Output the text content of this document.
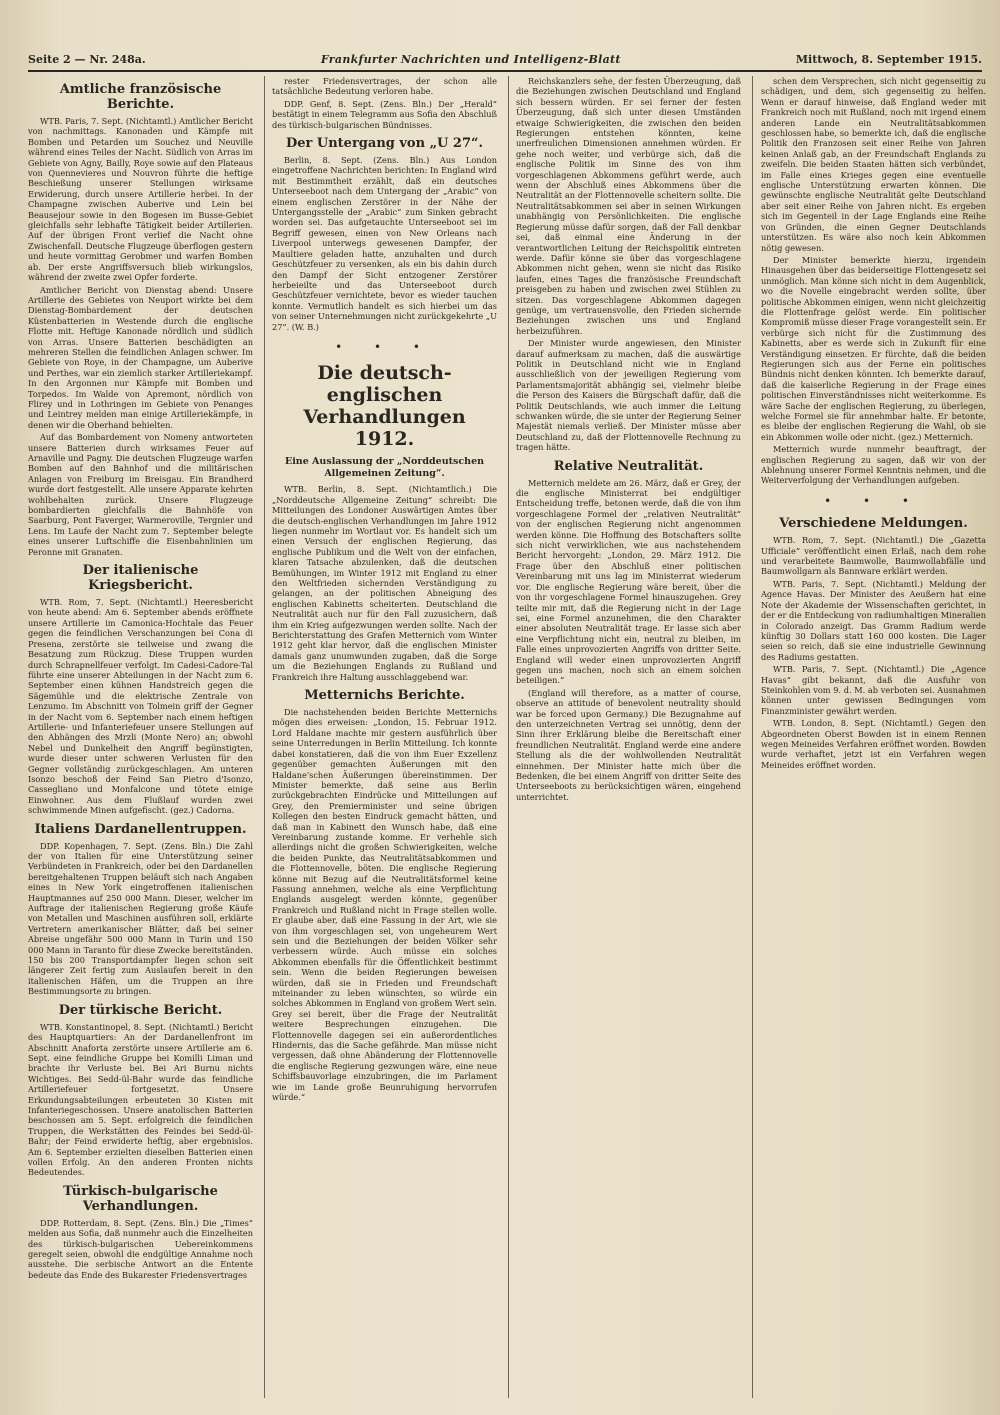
Seite 2 — Nr. 248a.	Frankfurter Nachrichten und Intelligenz-Blatt	Mittwoch, 8. September 1915.
Amtliche französische Berichte.

WTB. Paris, 7. Sept. (Nichtamtl.) Amtlicher Bericht von nachmittags. Kanonaden und Kämpfe mit Bomben und Petarden um Souchez und Neuville während eines Teiles der Nacht. Südlich von Arras im Gebiete von Agny, Bailly, Roye sowie auf den Plateaus von Quennevieres und Nouvron führte die heftige Beschießung unserer Stellungen wirksame Erwiderung, durch unsere Artillerie herbei. In der Champagne zwischen Auberive und Lein bei Beausejour sowie in den Bogesen im Busse-Gebiet gleichfalls sehr lebhafte Tätigkeit beider Artillerien. Auf der übrigen Front verlief die Nacht ohne Zwischenfall. Deutsche Flugzeuge überflogen gestern und heute vormittag Gerobmer und warfen Bomben ab. Der erste Angriffsversuch blieb wirkungslos, während der zweite zwei Opfer forderte.

Amtlicher Bericht von Dienstag abend: Unsere Artillerie des Gebietes von Neuport wirkte bei dem Dienstag-Bombardement der deutschen Küstenbatterien in Westende durch die englische Flotte mit. Heftige Kanonade nördlich und südlich von Arras. Unsere Batterien beschädigten an mehreren Stellen die feindlichen Anlagen schwer. Im Gebiete von Roye, in der Champagne, um Auberive und Perthes, war ein ziemlich starker Artilleriekampf. In den Argonnen nur Kämpfe mit Bomben und Torpedos. Im Walde von Apremont, nördlich von Flirey und in Lothringen im Gebiete von Penanges und Leintrey melden man einige Artilleriekämpfe, in denen wir die Oberhand behielten.

Auf das Bombardement von Nomeny antworteten unsere Batterien durch wirksames Feuer auf Arnaville und Pagny. Die deutschen Flugzeuge warfen Bomben auf den Bahnhof und die militärischen Anlagen von Freiburg im Breisgau. Ein Brandherd wurde dort festgestellt. Alle unsere Apparate kehrten wohlbehalten zurück. Unsere Flugzeuge bombardierten gleichfalls die Bahnhöfe von Saarburg, Pont Faverger, Warmeroville, Tergnier und Lens. Im Laufe der Nacht zum 7. September belegte eines unserer Luftschiffe die Eisenbahnlinien um Peronne mit Granaten.

Der italienische Kriegsbericht.

WTB. Rom, 7. Sept. (Nichtamtl.) Heeresbericht von heute abend: Am 6. September abends eröffnete unsere Artillerie im Camonica-Hochtale das Feuer gegen die feindlichen Verschanzungen bei Cona di Presena, zerstörte sie teilweise und zwang die Besatzung zum Rückzug. Diese Truppen wurden durch Schrapnellfeuer verfolgt. Im Cadesi-Cadore-Tal führte eine unserer Abteilungen in der Nacht zum 6. September einen kühnen Handstreich gegen die Sägemühle und die elektrische Zentrale von Lenzumo. Im Abschnitt von Tolmein griff der Gegner in der Nacht vom 6. September nach einem heftigen Artillerie- und Infanteriefeuer unsere Stellungen auf den Abhängen des Mrzli (Monte Nero) an; obwohl Nebel und Dunkelheit den Angriff begünstigten, wurde dieser unter schweren Verlusten für den Gegner vollständig zurückgeschlagen. Am unteren Isonzo beschoß der Feind San Pietro d'Isonzo, Cassegliano und Monfalcone und tötete einige Einwohner. Aus dem Flußlauf wurden zwei schwimmende Minen aufgefischt. (gez.) Cadorna.

Italiens Dardanellentruppen.

DDP. Kopenhagen, 7. Sept. (Zens. Bln.) Die Zahl der von Italien für eine Unterstützung seiner Verbündeten in Frankreich, oder bei den Dardanellen bereitgehaltenen Truppen beläuft sich nach Angaben eines in New York eingetroffenen italienischen Hauptmannes auf 250 000 Mann. Dieser, welcher im Auftrage der italienischen Regierung große Käufe von Metallen und Maschinen ausführen soll, erklärte Vertretern amerikanischer Blätter, daß bei seiner Abreise ungefähr 500 000 Mann in Turin und 150 000 Mann in Taranto für diese Zwecke bereitständen. 150 bis 200 Transportdampfer liegen schon seit längerer Zeit fertig zum Auslaufen bereit in den italienischen Häfen, um die Truppen an ihre Bestimmungsorte zu bringen.

Der türkische Bericht.

WTB. Konstantinopel, 8. Sept. (Nichtamtl.) Bericht des Hauptquartiers: An der Dardanellenfront im Abschnitt Anaforta zerstörte unsere Artillerie am 6. Sept. eine feindliche Gruppe bei Komilli Liman und brachte ihr Verluste bei. Bei Ari Burnu nichts Wichtiges. Bei Sedd-ül-Bahr wurde das feindliche Artilleriefeuer fortgesetzt. Unsere Erkundungsabteilungen erbeuteten 30 Kisten mit Infanteriegeschossen. Unsere anatolischen Batterien beschossen am 5. Sept. erfolgreich die feindlichen Truppen, die Werkstätten des Feindes bei Sedd-ül-Bahr; der Feind erwiderte heftig, aber ergebnislos. Am 6. September erzielten dieselben Batterien einen vollen Erfolg. An den anderen Fronten nichts Bedeutendes.

Türkisch-bulgarische Verhandlungen.

DDP. Rotterdam, 8. Sept. (Zens. Bln.) Die „Times“ melden aus Sofia, daß nunmehr auch die Einzelheiten des türkisch-bulgarischen Uebereinkommens geregelt seien, obwohl die endgültige Annahme noch ausstehe. Die serbische Antwort an die Entente bedeute das Ende des Bukarester Friedensvertrages

rester Friedensvertrages, der schon alle tatsächliche Bedeutung verloren habe.

DDP. Genf, 8. Sept. (Zens. Bln.) Der „Herald“ bestätigt in einem Telegramm aus Sofia den Abschluß des türkisch-bulgarischen Bündnisses.

Der Untergang von „U 27“.

Berlin, 8. Sept. (Zens. Bln.) Aus London eingetroffene Nachrichten berichten: In England wird mit Bestimmtheit erzählt, daß ein deutsches Unterseeboot nach dem Untergang der „Arabic“ von einem englischen Zerstörer in der Nähe der Untergangsstelle der „Arabic“ zum Sinken gebracht worden sei. Das aufgetauchte Unterseeboot sei im Begriff gewesen, einen von New Orleans nach Liverpool unterwegs gewesenen Dampfer, der Maultiere geladen hatte, anzuhalten und durch Geschützfeuer zu versenken, als ein bis dahin durch den Dampf der Sicht entzogener Zerstörer herbeieilte und das Unterseeboot durch Geschützfeuer vernichtete, bevor es wieder tauchen konnte. Vermutlich handelt es sich hierbei um das von seiner Unternehmungen nicht zurückgekehrte „U 27“. (W. B.)

• • •
Die deutsch-englischen Verhandlungen 1912.
Eine Auslassung der „Norddeutschen Allgemeinen Zeitung“.

WTB. Berlin, 8. Sept. (Nichtamtlich.) Die „Norddeutsche Allgemeine Zeitung“ schreibt: Die Mitteilungen des Londoner Auswärtigen Amtes über die deutsch-englischen Verhandlungen im Jahre 1912 liegen nunmehr im Wortlaut vor. Es handelt sich um einen Versuch der englischen Regierung, das englische Publikum und die Welt von der einfachen, klaren Tatsache abzulenken, daß die deutschen Bemühungen, im Winter 1912 mit England zu einer den Weltfrieden sichernden Verständigung zu gelangen, an der politischen Abneigung des englischen Kabinetts scheiterten. Deutschland die Neutralität auch nur für den Fall zuzusichern, daß ihm ein Krieg aufgezwungen werden sollte. Nach der Berichterstattung des Grafen Metternich vom Winter 1912 geht klar hervor, daß die englischen Minister damals ganz unumwunden zugaben, daß die Sorge um die Beziehungen Englands zu Rußland und Frankreich ihre Haltung ausschlaggebend war.

Metternichs Berichte.

Die nachstehenden beiden Berichte Metternichs mögen dies erweisen: „London, 15. Februar 1912. Lord Haldane machte mir gestern ausführlich über seine Unterredungen in Berlin Mitteilung. Ich konnte dabei konstatieren, daß die von ihm Euer Exzellenz gegenüber gemachten Äußerungen mit den Haldane'schen Äußerungen übereinstimmen. Der Minister bemerkte, daß seine aus Berlin zurückgebrachten Eindrücke und Mitteilungen auf Grey, den Premierminister und seine übrigen Kollegen den besten Eindruck gemacht hätten, und daß man in Kabinett den Wunsch habe, daß eine Vereinbarung zustande komme. Er verhehle sich allerdings nicht die großen Schwierigkeiten, welche die beiden Punkte, das Neutralitätsabkommen und die Flottennovelle, böten. Die englische Regierung könne mit Bezug auf die Neutralitätsformel keine Fassung annehmen, welche als eine Verpflichtung Englands ausgelegt werden könnte, gegenüber Frankreich und Rußland nicht in Frage stellen wolle. Er glaube aber, daß eine Fassung in der Art, wie sie von ihm vorgeschlagen sei, von ungeheurem Wert sein und die Beziehungen der beiden Völker sehr verbessern würde. Auch müsse ein solches Abkommen ebenfalls für die Öffentlichkeit bestimmt sein. Wenn die beiden Regierungen beweisen würden, daß sie in Frieden und Freundschaft miteinander zu leben wünschten, so würde ein solches Abkommen in England von großem Wert sein. Grey sei bereit, über die Frage der Neutralität weitere Besprechungen einzugehen. Die Flottennovelle dagegen sei ein außerordentliches Hindernis, das die Sache gefährde. Man müsse nicht vergessen, daß ohne Abänderung der Flottennovelle die englische Regierung gezwungen wäre, eine neue Schiffsbauvorlage einzubringen, die im Parlament wie im Lande große Beunruhigung hervorrufen würde.“

Reichskanzlers sehe, der festen Überzeugung, daß die Beziehungen zwischen Deutschland und England sich bessern würden. Er sei ferner der festen Überzeugung, daß sich unter diesen Umständen etwaige Schwierigkeiten, die zwischen den beiden Regierungen entstehen könnten, keine unerfreulichen Dimensionen annehmen würden. Er gehe noch weiter, und verbürge sich, daß die englische Politik im Sinne des von ihm vorgeschlagenen Abkommens geführt werde, auch wenn der Abschluß eines Abkommens über die Neutralität an der Flottennovelle scheitern sollte. Die Neutralitätsabkommen sei aber in seinen Wirkungen unabhängig von Persönlichkeiten. Die englische Regierung müsse dafür sorgen, daß der Fall denkbar sei, daß einmal eine Änderung in der verantwortlichen Leitung der Reichspolitik eintreten werde. Dafür könne sie über das vorgeschlagene Abkommen nicht gehen, wenn sie nicht das Risiko laufen, eines Tages die französische Freundschaft preisgeben zu haben und zwischen zwei Stühlen zu sitzen. Das vorgeschlagene Abkommen dagegen genüge, um vertrauensvolle, den Frieden sichernde Beziehungen zwischen uns und England herbeizuführen.

Der Minister wurde angewiesen, den Minister darauf aufmerksam zu machen, daß die auswärtige Politik in Deutschland nicht wie in England ausschließlich von der jeweiligen Regierung vom Parlamentsmajorität abhängig sei, vielmehr bleibe die Person des Kaisers die Bürgschaft dafür, daß die Politik Deutschlands, wie auch immer die Leitung schwanken würde, die sie unter der Regierung Seiner Majestät niemals verließ. Der Minister müsse aber Deutschland zu, daß der Flottennovelle Rechnung zu tragen hätte.

Relative Neutralität.

Metternich meldete am 26. März, daß er Grey, der die englische Ministerrat bei endgültiger Entscheidung treffe, betonen werde, daß die von ihm vorgeschlagene Formel der „relativen Neutralität“ von der englischen Regierung nicht angenommen werden könne. Die Hoffnung des Botschafters sollte sich nicht verwirklichen, wie aus nachstehendem Bericht hervorgeht: „London, 29. März 1912. Die Frage über den Abschluß einer politischen Vereinbarung mit uns lag im Ministerrat wiederum vor. Die englische Regierung wäre bereit, über die von ihr vorgeschlagene Formel hinauszugehen. Grey teilte mir mit, daß die Regierung nicht in der Lage sei, eine Formel anzunehmen, die den Charakter einer absoluten Neutralität trage. Er lasse sich aber eine Verpflichtung nicht ein, neutral zu bleiben, im Falle eines unprovozierten Angriffs von dritter Seite. England will weder einen unprovozierten Angriff gegen uns machen, noch sich an einem solchen beteiligen.“

(England will therefore, as a matter of course, observe an attitude of benevolent neutrality should war be forced upon Germany.) Die Bezugnahme auf den unterzeichneten Vertrag sei unnötig, denn der Sinn ihrer Erklärung bleibe die Bereitschaft einer freundlichen Neutralität. England werde eine andere Stellung als die der wohlwollenden Neutralität einnehmen. Der Minister hatte mich über die Bedenken, die bei einem Angriff von dritter Seite des Unterseeboots zu berücksichtigen wären, eingehend unterrichtet.

schen dem Versprechen, sich nicht gegenseitig zu schädigen, und dem, sich gegenseitig zu helfen. Wenn er darauf hinweise, daß England weder mit Frankreich noch mit Rußland, noch mit irgend einem anderen Lande ein Neutralitätsabkommen geschlossen habe, so bemerkte ich, daß die englische Politik den Franzosen seit einer Reihe von Jahren keinen Anlaß gab, an der Freundschaft Englands zu zweifeln. Die beiden Staaten hätten sich verbündet, im Falle eines Krieges gegen eine eventuelle englische Unterstützung erwarten können. Die gewünschte englische Neutralität gelte Deutschland aber seit einer Reihe von Jahren nicht. Es ergeben sich im Gegenteil in der Lage Englands eine Reihe von Gründen, die einen Gegner Deutschlands unterstützen. Es wäre also noch kein Abkommen nötig gewesen.

Der Minister bemerkte hierzu, irgendein Hinausgehen über das beiderseitige Flottengesetz sei unmöglich. Man könne sich nicht in dem Augenblick, wo die Novelle eingebracht werden sollte, über politische Abkommen einigen, wenn nicht gleichzeitig die Flottenfrage gelöst werde. Ein politischer Kompromiß müsse dieser Frage vorangestellt sein. Er verbürge sich nicht für die Zustimmung des Kabinetts, aber es werde sich in Zukunft für eine Verständigung einsetzen. Er fürchte, daß die beiden Regierungen sich aus der Ferne ein politisches Bündnis nicht denken könnten. Ich bemerkte darauf, daß die kaiserliche Regierung in der Frage eines politischen Einverständnisses nicht weiterkomme. Es wäre Sache der englischen Regierung, zu überlegen, welche Formel sie für annehmbar halte. Er betonte, es bleibe der englischen Regierung die Wahl, ob sie ein Abkommen wolle oder nicht. (gez.) Metternich.

Metternich wurde nunmehr beauftragt, der englischen Regierung zu sagen, daß wir von der Ablehnung unserer Formel Kenntnis nehmen, und die Weiterverfolgung der Verhandlungen aufgeben.

• • •
Verschiedene Meldungen.

WTB. Rom, 7. Sept. (Nichtamtl.) Die „Gazetta Ufficiale“ veröffentlicht einen Erlaß, nach dem rohe und verarbeitete Baumwolle, Baumwollabfälle und Baumwollgarn als Bannware erklärt werden.

WTB. Paris, 7. Sept. (Nichtamtl.) Meldung der Agence Havas. Der Minister des Aeußern hat eine Note der Akademie der Wissenschaften gerichtet, in der er die Entdeckung von radiumhaltigen Mineralien in Colorado anzeigt. Das Gramm Radium werde künftig 30 Dollars statt 160 000 kosten. Die Lager seien so reich, daß sie eine industrielle Gewinnung des Radiums gestatten.

WTB. Paris, 7. Sept. (Nichtamtl.) Die „Agence Havas“ gibt bekannt, daß die Ausfuhr von Steinkohlen vom 9. d. M. ab verboten sei. Ausnahmen können unter gewissen Bedingungen vom Finanzminister gewährt werden.

WTB. London, 8. Sept. (Nichtamtl.) Gegen den Abgeordneten Oberst Bowden ist in einem Rennen wegen Meineides Verfahren eröffnet worden. Bowden wurde verhaftet, jetzt ist ein Verfahren wegen Meineides eröffnet worden.
